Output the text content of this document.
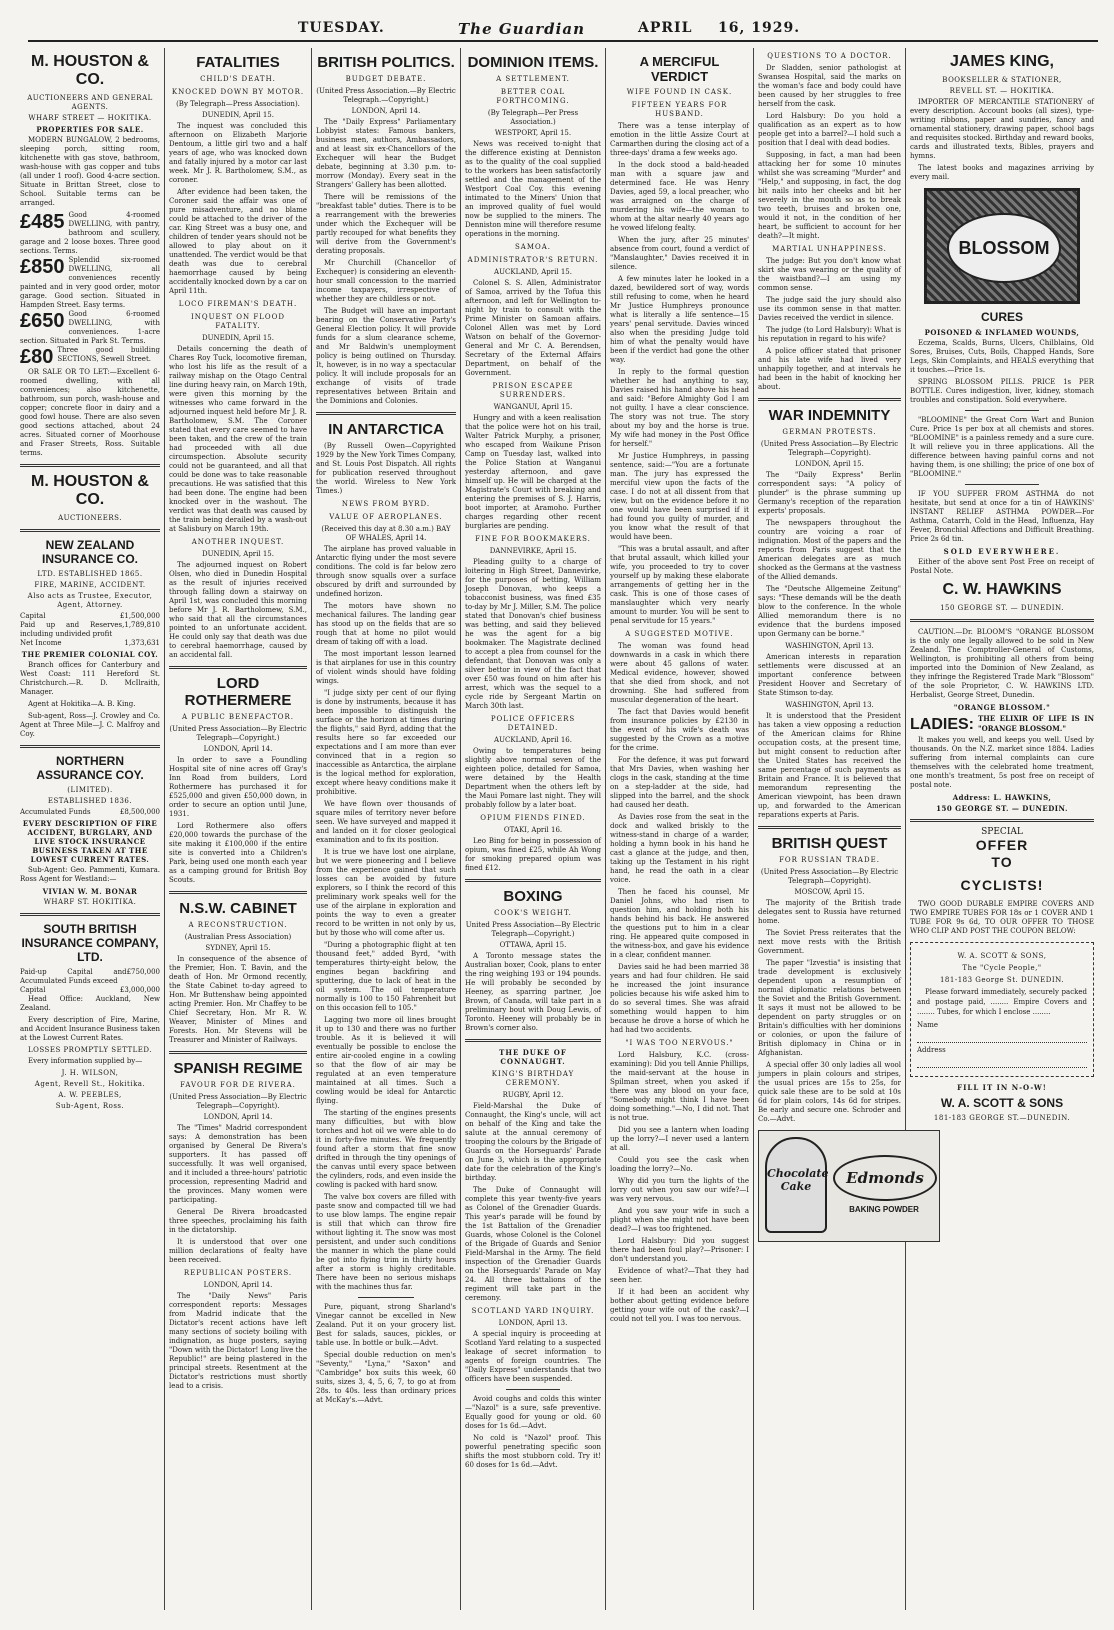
TUESDAY.	The Guardian	APRIL 16, 1929.
M. HOUSTON & CO.
AUCTIONEERS AND GENERAL AGENTS.
WHARF STREET — HOKITIKA.
PROPERTIES FOR SALE.

MODERN BUNGALOW, 2 bedrooms, sleeping porch, sitting room, kitchenette with gas stove, bathroom, wash-house with gas copper and tubs (all under 1 roof). Good 4-acre section. Situate in Brittan Street, close to School. Suitable terms can be arranged.

£485 Good 4-roomed DWELLING, with pantry, bathroom and scullery, garage and 2 loose boxes. Three good sections. Terms.
£850 Splendid six-roomed DWELLING, all conveniences recently painted and in very good order, motor garage. Good section. Situated in Hampden Street. Easy terms.
£650 Good 6-roomed DWELLING, with conveniences. 1-acre section. Situated in Park St. Terms.
£80 Three good building SECTIONS, Sewell Street.

OR SALE OR TO LET:—Excellent 6-roomed dwelling, with all conveniences; also kitchenette, bathroom, sun porch, wash-house and copper; concrete floor in dairy and a good fowl house. There are also seven good sections attached, about 24 acres. Situated corner of Moorhouse and Fraser Streets, Ross. Suitable terms.

M. HOUSTON & CO.
AUCTIONEERS.
NEW ZEALAND INSURANCE CO.
LTD. ESTABLISHED 1865.
FIRE, MARINE, ACCIDENT.
Also acts as Trustee, Executor, Agent, Attorney.
Capital	£1,500,000
Paid up and Reserves, including undivided profit
1,789,810
Net Income	1,373,631
THE PREMIER COLONIAL COY.

Branch offices for Canterbury and West Coast: 111 Hereford St. Christchurch.—R. D. McIlraith, Manager.

Agent at Hokitika—A. B. King.

Sub-agent, Ross—J. Crowley and Co. Agent at Three Mile—J. C. Malfroy and Coy.

NORTHERN ASSURANCE COY.
(LIMITED).
ESTABLISHED 1836.
Accumulated Funds	£8,500,000
EVERY DESCRIPTION OF FIRE ACCIDENT, BURGLARY, AND LIVE STOCK INSURANCE BUSINESS TAKEN AT THE LOWEST CURRENT RATES.

Sub-Agent: Geo. Pammenti, Kumara. Ross Agent for Westland:—

VIVIAN W. M. BONAR
WHARF ST. HOKITIKA.
SOUTH BRITISH INSURANCE COMPANY, LTD.
Paid-up Capital and Accumulated Funds exceed
£750,000
Capital	£3,000,000

Head Office: Auckland, New Zealand.

Every description of Fire, Marine, and Accident Insurance Business taken at the Lowest Current Rates.

LOSSES PROMPTLY SETTLED.

Every information supplied by—

J. H. WILSON,
Agent, Revell St., Hokitika.
A. W. PEEBLES,
Sub-Agent, Ross.
FATALITIES
CHILD'S DEATH.
KNOCKED DOWN BY MOTOR.
(By Telegraph—Press Association).
DUNEDIN, April 15.

The inquest was concluded this afternoon on Elizabeth Marjorie Dentoum, a little girl two and a half years of age, who was knocked down and fatally injured by a motor car last week. Mr J. R. Bartholomew, S.M., as coroner.

After evidence had been taken, the Coroner said the affair was one of pure misadventure, and no blame could be attached to the driver of the car. King Street was a busy one, and children of tender years should not be allowed to play about on it unattended. The verdict would be that death was due to cerebral haemorrhage caused by being accidentally knocked down by a car on April 11th.

LOCO FIREMAN'S DEATH.
INQUEST ON FLOOD FATALITY.
DUNEDIN, April 15.

Details concerning the death of Chares Roy Tuck, locomotive fireman, who lost his life as the result of a railway mishap on the Otago Central line during heavy rain, on March 19th, were given this morning by the witnesses who came forward in the adjourned inquest held before Mr J. R. Bartholomew, S.M. The Coroner stated that every care seemed to have been taken, and the crew of the train had proceeded with all due circumspection. Absolute security could not be guaranteed, and all that could be done was to take reasonable precautions. He was satisfied that this had been done. The engine had been knocked over in the washout. The verdict was that death was caused by the train being derailed by a wash-out at Salisbury on March 19th.

ANOTHER INQUEST.
DUNEDIN, April 15.

The adjourned inquest on Robert Olsen, who died in Dunedin Hospital as the result of injuries received through falling down a stairway on April 1st, was concluded this morning before Mr J. R. Bartholomew, S.M., who said that all the circumstances pointed to an unfortunate accident. He could only say that death was due to cerebral haemorrhage, caused by an accidental fall.

LORD ROTHERMERE
A PUBLIC BENEFACTOR.
(United Press Association—By Electric Telegraph—Copyright.)
LONDON, April 14.

In order to save a Foundling Hospital site of nine acres off Gray's Inn Road from builders, Lord Rothermere has purchased it for £525,000 and given £50,000 down, in order to secure an option until June, 1931.

Lord Rothermere also offers £20,000 towards the purchase of the site making it £100,000 if the entire site is converted into a Children's Park, being used one month each year as a camping ground for British Boy Scouts.

N.S.W. CABINET
A RECONSTRUCTION.
(Australian Press Association)
SYDNEY, April 15.

In consequence of the absence of the Premier, Hon. T. Bavin, and the death of Hon. Mr Ormond recently, the State Cabinet to-day agreed to Hon. Mr Buttenshaw being appointed acting Premier. Hon. Mr Chaffey to be Chief Secretary, Hon. Mr R. W. Weaver, Minister of Mines and Forests. Hon. Mr Stevens will be Treasurer and Minister of Railways.

SPANISH REGIME
FAVOUR FOR DE RIVERA.
(United Press Association—By Electric Telegraph—Copyright).
LONDON, April 14.

The "Times" Madrid correspondent says: A demonstration has been organised by General De Rivera's supporters. It has passed off successfully. It was well organised, and it included a three-hours' patriotic procession, representing Madrid and the provinces. Many women were participating.

General De Rivera broadcasted three speeches, proclaiming his faith in the dictatorship.

It is understood that over one million declarations of fealty have been received.

REPUBLICAN POSTERS.
LONDON, April 14.

The "Daily News" Paris correspondent reports: Messages from Madrid indicate that the Dictator's recent actions have left many sections of society boiling with indignation, as huge posters, saying "Down with the Dictator! Long live the Republic!" are being plastered in the principal streets. Resentment at the Dictator's restrictions must shortly lead to a crisis.

BRITISH POLITICS.
BUDGET DEBATE.
(United Press Association.—By Electric Telegraph.—Copyright.)
LONDON, April 14.

The "Daily Express" Parliamentary Lobbyist states: Famous bankers, business men, authors, Ambassadors, and at least six ex-Chancellors of the Exchequer will hear the Budget debate, beginning at 3.30 p.m. to-morrow (Monday). Every seat in the Strangers' Gallery has been allotted.

There will be remissions of the "breakfast table" duties. There is to be a rearrangement with the breweries under which the Exchequer will be partly recouped for what benefits they will derive from the Government's derating proposals.

Mr Churchill (Chancellor of Exchequer) is considering an eleventh-hour small concession to the married income taxpayers, irrespective of whether they are childless or not.

The Budget will have an important bearing on the Conservative Party's General Election policy. It will provide funds for a slum clearance scheme, and Mr Baldwin's unemployment policy is being outlined on Thursday. It, however, is in no way a spectacular policy. It will include proposals for an exchange of visits of trade representatives between Britain and the Dominions and Colonies.

IN ANTARCTICA

(By Russell Owen—Copyrighted 1929 by the New York Times Company, and St. Louis Post Dispatch. All rights for publication reserved throughout the world. Wireless to New York Times.)

NEWS FROM BYRD.
VALUE OF AEROPLANES.
(Received this day at 8.30 a.m.) BAY OF WHALES, April 14.

The airplane has proved valuable in Antarctic flying under the most severe conditions. The cold is far below zero through snow squalls over a surface obscured by drift and surrounded by undefined horizon.

The motors have shown no mechanical failures. The landing gear has stood up on the fields that are so rough that at home no pilot would dream of taking off with a load.

The most important lesson learned is that airplanes for use in this country of violent winds should have folding wings.

"I judge sixty per cent of our flying is done by instruments, because it has been impossible to distinguish the surface or the horizon at times during the flights," said Byrd, adding that the results here so far exceeded our expectations and I am more than ever convinced that in a region so inaccessible as Antarctica, the airplane is the logical method for exploration, except where heavy conditions make it prohibitive.

We have flown over thousands of square miles of territory never before seen. We have surveyed and mapped it and landed on it for closer geological examination and to fix its position.

It is true we have lost one airplane, but we were pioneering and I believe from the experience gained that such losses can be avoided by future explorers, so I think the record of this preliminary work speaks well for the use of the airplane in exploration and points the way to even a greater record to be written in not only by us, but by those who will come after us.

"During a photographic flight at ten thousand feet," added Byrd, "with temperatures thirty-eight below, the engines began backfiring and sputtering, due to lack of heat in the oil system. The oil temperature normally is 100 to 150 Fahrenheit but on this occasion fell to 105."

Lagging two more oil lines brought it up to 130 and there was no further trouble. As it is believed it will eventually be possible to enclose the entire air-cooled engine in a cowling so that the flow of air may be regulated at an even temperature maintained at all times. Such a cowling would be ideal for Antarctic flying.

The starting of the engines presents many difficulties, but with blow torches and hot oil we were able to do it in forty-five minutes. We frequently found after a storm that fine snow drifted in through the tiny openings of the canvas until every space between the cylinders, rods, and even inside the cowling is packed with hard snow.

The valve box covers are filled with paste snow and compacted till we had to use blow lamps. The engine repair is still that which can throw fire without lighting it. The snow was most persistent, and under such conditions the manner in which the plane could be got into flying trim in thirty hours after a storm is highly creditable. There have been no serious mishaps with the machines thus far.

Pure, piquant, strong Sharland's Vinegar cannot be excelled in New Zealand. Put it on your grocery list. Best for salads, sauces, pickles, or table use. In bottle or bulk.—Advt.

Special double reduction on men's "Seventy," "Lyna," "Saxon" and "Cambridge" box suits this week, 60 suits, sizes 3, 4, 5, 6, 7, to go at from 28s. to 40s. less than ordinary prices at McKay's.—Advt.

DOMINION ITEMS.
A SETTLEMENT.
BETTER COAL FORTHCOMING.
(By Telegraph—Per Press Association.)
WESTPORT, April 15.

News was received to-night that the difference existing at Denniston as to the quality of the coal supplied to the workers has been satisfactorily settled and the management of the Westport Coal Coy. this evening intimated to the Miners' Union that an improved quality of fuel would now be supplied to the miners. The Denniston mine will therefore resume operations in the morning.

SAMOA.
ADMINISTRATOR'S RETURN.
AUCKLAND, April 15.

Colonel S. S. Allen, Administrator of Samoa, arrived by the Tofua this afternoon, and left for Wellington to-night by train to consult with the Prime Minister on Samoan affairs. Colonel Allen was met by Lord Watson on behalf of the Governor-General and Mr C. A. Berendsen, Secretary of the External Affairs Department, on behalf of the Government.

PRISON ESCAPEE SURRENDERS.
WANGANUI, April 15.

Hungry and with a keen realisation that the police were hot on his trail, Walter Patrick Murphy, a prisoner, who escaped from Waikune Prison Camp on Tuesday last, walked into the Police Station at Wanganui yesterday afternoon, and gave himself up. He will be charged at the Magistrate's Court with breaking and entering the premises of S. J. Harris, boot importer, at Aramoho. Further charges regarding other recent burglaries are pending.

FINE FOR BOOKMAKERS.
DANNEVIRKE, April 15.

Pleading guilty to a charge of loitering in High Street, Dannevirke, for the purposes of betting, William Joseph Donovan, who keeps a tobacconist business, was fined £35 to-day by Mr J. Miller, S.M. The police stated that Donovan's chief business was betting, and said they believed he was the agent for a big bookmaker. The Magistrate declined to accept a plea from counsel for the defendant, that Donovan was only a silver bettor in view of the fact that over £50 was found on him after his arrest, which was the sequel to a cycle ride by Sergeant Martin on March 30th last.

POLICE OFFICERS DETAINED.
AUCKLAND, April 16.

Owing to temperatures being slightly above normal seven of the eighteen police, detailed for Samoa, were detained by the Health Department when the others left by the Maui Pomare last night. They will probably follow by a later boat.

OPIUM FIENDS FINED.
OTAKI, April 16.

Leo Bing for being in possession of opium, was fined £25, while Ah Wong for smoking prepared opium was fined £12.

BOXING
COOK'S WEIGHT.
United Press Association—By Electric Telegraph—Copyright.)
OTTAWA, April 15.

A Toronto message states the Australian boxer, Cook, plans to enter the ring weighing 193 or 194 pounds. He will probably be seconded by Heeney, as sparring partner, Joe Brown, of Canada, will take part in a preliminary bout with Doug Lewis, of Toronto. Heeney will probably be in Brown's corner also.

THE DUKE OF CONNAUGHT.
KING'S BIRTHDAY CEREMONY.
RUGBY, April 12.

Field-Marshal the Duke of Connaught, the King's uncle, will act on behalf of the King and take the salute at the annual ceremony of trooping the colours by the Brigade of Guards on the Horseguards' Parade on June 3, which is the appropriate date for the celebration of the King's birthday.

The Duke of Connaught will complete this year twenty-five years as Colonel of the Grenadier Guards. This year's parade will be found by the 1st Battalion of the Grenadier Guards, whose Colonel is the Colonel of the Brigade of Guards and Senior Field-Marshal in the Army. The field inspection of the Grenadier Guards on the Horseguards' Parade on May 24. All three battalions of the regiment will take part in the ceremony.

SCOTLAND YARD INQUIRY.
LONDON, April 13.

A special inquiry is proceeding at Scotland Yard relating to a suspected leakage of secret information to agents of foreign countries. The "Daily Express" understands that two officers have been suspended.

Avoid coughs and colds this winter—"Nazol" is a sure, safe preventive. Equally good for young or old. 60 doses for 1s 6d.—Advt.

No cold is "Nazol" proof. This powerful penetrating specific soon shifts the most stubborn cold. Try it! 60 doses for 1s 6d.—Advt.

A MERCIFUL VERDICT
WIFE FOUND IN CASK.
FIFTEEN YEARS FOR HUSBAND.

There was a tense interplay of emotion in the little Assize Court at Carmarthen during the closing act of a three-days' drama a few weeks ago.

In the dock stood a bald-headed man with a square jaw and determined face. He was Henry Davies, aged 59, a local preacher, who was arraigned on the charge of murdering his wife—the woman to whom at the altar nearly 40 years ago he vowed lifelong fealty.

When the jury, after 25 minutes' absence from court, found a verdict of "Manslaughter," Davies received it in silence.

A few minutes later he looked in a dazed, bewildered sort of way, words still refusing to come, when he heard Mr Justice Humphreys pronounce what is literally a life sentence—15 years' penal servitude. Davies winced also when the presiding Judge told him of what the penalty would have been if the verdict had gone the other way.

In reply to the formal question whether he had anything to say, Davies raised his hand above his head and said: "Before Almighty God I am not guilty. I have a clear conscience. The story was not true. The story about my boy and the horse is true. My wife had money in the Post Office for herself."

Mr Justice Humphreys, in passing sentence, said:—"You are a fortunate man. The jury has expressed the merciful view upon the facts of the case. I do not at all dissent from that view, but on the evidence before it no one would have been surprised if it had found you guilty of murder, and you know what the result of that would have been.

"This was a brutal assault, and after that brutal assault, which killed your wife, you proceeded to try to cover yourself up by making these elaborate arrangements of getting her in the cask. This is one of those cases of manslaughter which very nearly amount to murder. You will be sent to penal servitude for 15 years."

A SUGGESTED MOTIVE.

The woman was found head downwards in a cask in which there were about 45 gallons of water. Medical evidence, however, showed that she died from shock, and not drowning. She had suffered from muscular degeneration of the heart.

The fact that Davies would benefit from insurance policies by £2130 in the event of his wife's death was suggested by the Crown as a motive for the crime.

For the defence, it was put forward that Mrs Davies, when washing her clogs in the cask, standing at the time on a step-ladder at the side, had slipped into the barrel, and the shock had caused her death.

As Davies rose from the seat in the dock and walked briskly to the witness-stand in charge of a warder, holding a hymn book in his hand he cast a glance at the judge, and then, taking up the Testament in his right hand, he read the oath in a clear voice.

Then he faced his counsel, Mr Daniel Johns, who had risen to question him, and holding both his hands behind his back. He answered the questions put to him in a clear ring. He appeared quite composed in the witness-box, and gave his evidence in a clear, confident manner.

Davies said he had been married 38 years and had four children. He said he increased the joint insurance policies because his wife asked him to do so several times. She was afraid something would happen to him because he drove a horse of which he had had two accidents.

"I WAS TOO NERVOUS."

Lord Halsbury, K.C. (cross-examining): Did you tell Annie Phillips, the maid-servant at the house in Spilman street, when you asked if there was any blood on your face, "Somebody might think I have been doing something."—No, I did not. That is not true.

Did you see a lantern when loading up the lorry?—I never used a lantern at all.

Could you see the cask when loading the lorry?—No.

Why did you turn the lights of the lorry out when you saw our wife?—I was very nervous.

And you saw your wife in such a plight when she might not have been dead?—I was too frightened.

Lord Halsbury: Did you suggest there had been foul play?—Prisoner: I don't understand you.

Evidence of what?—That they had seen her.

If it had been an accident why bother about getting evidence before getting your wife out of the cask?—I could not tell you. I was too nervous.

QUESTIONS TO A DOCTOR.

Dr Sladden, senior pathologist at Swansea Hospital, said the marks on the woman's face and body could have been caused by her struggles to free herself from the cask.

Lord Halsbury: Do you hold a qualification as an expert as to how people get into a barrel?—I hold such a position that I deal with dead bodies.

Supposing, in fact, a man had been attacking her for some 10 minutes whilst she was screaming "Murder" and "Help," and supposing, in fact, the dog bit nails into her cheeks and bit her severely in the mouth so as to break two teeth, bruises and broken one, would it not, in the condition of her heart, be sufficient to account for her death?—It might.

MARTIAL UNHAPPINESS.

The judge: But you don't know what skirt she was wearing or the quality of the waistband?—I am using my common sense.

The judge said the jury should also use its common sense in that matter. Davies received the verdict in silence.

The judge (to Lord Halsbury): What is his reputation in regard to his wife?

A police officer stated that prisoner and his late wife had lived very unhappily together, and at intervals he had been in the habit of knocking her about.

WAR INDEMNITY
GERMAN PROTESTS.
(United Press Association—By Electric Telegraph—Copyright).
LONDON, April 15.

The "Daily Express" Berlin correspondent says: "A policy of plunder" is the phrase summing up Germany's reception of the reparation experts' proposals.

The newspapers throughout the country are voicing a roar of indignation. Most of the papers and the reports from Paris suggest that the American delegates are as much shocked as the Germans at the vastness of the Allied demands.

The "Deutsche Allgemeine Zeitung" says: "These demands will be the death blow to the conference. In the whole Allied memorandum there is no evidence that the burdens imposed upon Germany can be borne."

WASHINGTON, April 13.

American interests in reparation settlements were discussed at an important conference between President Hoover and Secretary of State Stimson to-day.

WASHINGTON, April 13.

It is understood that the President has taken a view opposing a reduction of the American claims for Rhine occupation costs, at the present time, but might consent to reduction after the United States has received the same percentage of such payments as Britain and France. It is believed that memorandum representing the American viewpoint, has been drawn up, and forwarded to the American reparations experts at Paris.

BRITISH QUEST
FOR RUSSIAN TRADE.
(United Press Association—By Electric Telegraph—Copyright).
MOSCOW, April 15.

The majority of the British trade delegates sent to Russia have returned home.

The Soviet Press reiterates that the next move rests with the British Government.

The paper "Izvestia" is insisting that trade development is exclusively dependent upon a resumption of normal diplomatic relations between the Soviet and the British Government. It says it must not be allowed to be dependent on party struggles or on Britain's difficulties with her dominions or colonies, or upon the failure of British diplomacy in China or in Afghanistan.

A special offer 30 only ladies all wool jumpers in plain colours and stripes, the usual prices are 15s to 25s, for quick sale these are to be sold at 10s 6d for plain colors, 14s 6d for stripes. Be early and secure one. Schroder and Co.—Advt.

Chocolate Cake	Edmonds
BAKING POWDER
JAMES KING,
BOOKSELLER & STATIONER,
REVELL ST. — HOKITIKA.

IMPORTER OF MERCANTILE STATIONERY of every description. Account books (all sizes), type-writing ribbons, paper and sundries, fancy and ornamental stationery, drawing paper, school bags and requisites stocked. Birthday and reward books, cards and illustrated texts, Bibles, prayers and hymns.

The latest books and magazines arriving by every mail.

BLOSSOM
CURES
POISONED & INFLAMED WOUNDS,

Eczema, Scalds, Burns, Ulcers, Chilblains, Old Sores, Bruises, Cuts, Boils, Chapped Hands, Sore Legs, Skin Complaints, and HEALS everything that it touches.—Price 1s.

SPRING BLOSSOM PILLS. PRICE 1s PER BOTTLE. Cures indigestion, liver, kidney, stomach troubles and constipation. Sold everywhere.

"BLOOMINE" the Great Corn Wart and Bunion Cure. Price 1s per box at all chemists and stores. "BLOOMINE" is a painless remedy and a sure cure. It will relieve you in three applications. All the difference between having painful corns and not having them, is one shilling; the price of one box of "BLOOMINE."

IF YOU SUFFER FROM ASTHMA do not hesitate, but send at once for a tin of HAWKINS' INSTANT RELIEF ASTHMA POWDER—For Asthma, Catarrh, Cold in the Head, Influenza, Hay Fever, Bronchial Affections and Difficult Breathing. Price 2s 6d tin.

SOLD EVERYWHERE.

Either of the above sent Post Free on receipt of Postal Note.

C. W. HAWKINS
150 GEORGE ST. — DUNEDIN.

CAUTION.—Dr. BLOOM'S "ORANGE BLOSSOM is the only one legally allowed to be sold in New Zealand. The Comptroller-General of Customs, Wellington, is prohibiting all others from being imported into the Dominion of New Zealand, as they infringe the Registered Trade Mark "Blossom" of the sole Proprietor, C. W. HAWKINS LTD. Herbalist, George Street, Dunedin.

"ORANGE BLOSSOM."
LADIES: THE ELIXIR OF LIFE IS IN "ORANGE BLOSSOM."

It makes you well, and keeps you well. Used by thousands. On the N.Z. market since 1884. Ladies suffering from internal complaints can cure themselves with the celebrated home treatment, one month's treatment, 5s post free on receipt of postal note.

Address: L. HAWKINS,
150 GEORGE ST. — DUNEDIN.
SPECIAL
OFFER
TO
CYCLISTS!

TWO GOOD DURABLE EMPIRE COVERS AND TWO EMPIRE TUBES FOR 18s or 1 COVER AND 1 TUBE FOR 9s 6d, TO OUR OFFER TO THOSE WHO CLIP AND POST THE COUPON BELOW:

W. A. SCOTT & SONS,
The "Cycle People,"
181-183 George St. DUNEDIN.

Please forward immediately, securely packed and postage paid, ........ Empire Covers and ........ Tubes, for which I enclose ........

Name
Address
FILL IT IN N-O-W!
W. A. SCOTT & SONS
181-183 GEORGE ST.—DUNEDIN.
